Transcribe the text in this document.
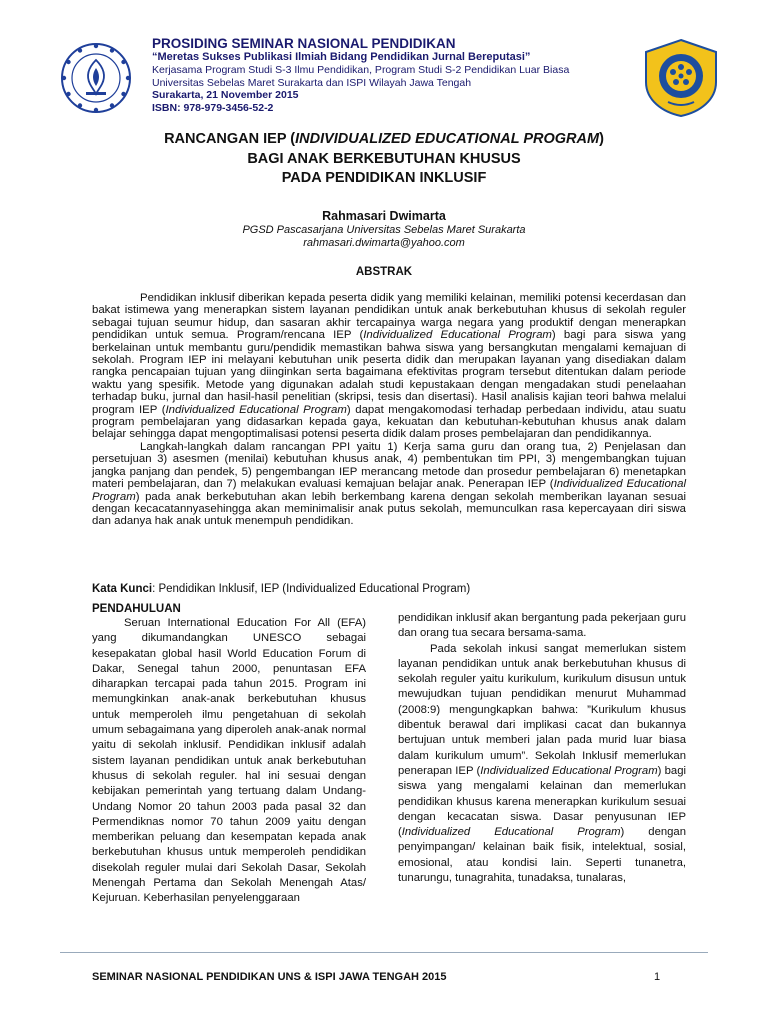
PROSIDING SEMINAR NASIONAL PENDIDIKAN
“Meretas Sukses Publikasi Ilmiah Bidang Pendidikan Jurnal Bereputasi”
Kerjasama Program Studi S-3 Ilmu Pendidikan, Program Studi S-2 Pendidikan Luar Biasa
Universitas Sebelas Maret Surakarta dan ISPI Wilayah Jawa Tengah
Surakarta, 21 November 2015
ISBN: 978-979-3456-52-2
RANCANGAN IEP (INDIVIDUALIZED EDUCATIONAL PROGRAM)
BAGI ANAK BERKEBUTUHAN KHUSUS
PADA PENDIDIKAN INKLUSIF
Rahmasari Dwimarta
PGSD Pascasarjana Universitas Sebelas Maret Surakarta
rahmasari.dwimarta@yahoo.com
ABSTRAK

Pendidikan inklusif diberikan kepada peserta didik yang memiliki kelainan, memiliki potensi kecerdasan dan bakat istimewa yang menerapkan sistem layanan pendidikan untuk anak berkebutuhan khusus di sekolah reguler sebagai tujuan seumur hidup, dan sasaran akhir tercapainya warga negara yang produktif dengan menerapkan pendidikan untuk semua. Program/rencana IEP (Individualized Educational Program) bagi para siswa yang berkelainan untuk membantu guru/pendidik memastikan bahwa siswa yang bersangkutan mengalami kemajuan di sekolah. Program IEP ini melayani kebutuhan unik peserta didik dan merupakan layanan yang disediakan dalam rangka pencapaian tujuan yang diinginkan serta bagaimana efektivitas program tersebut ditentukan dalam periode waktu yang spesifik. Metode yang digunakan adalah studi kepustakaan dengan mengadakan studi penelaahan terhadap buku, jurnal dan hasil-hasil penelitian (skripsi, tesis dan disertasi). Hasil analisis kajian teori bahwa melalui program IEP (Individualized Educational Program) dapat mengakomodasi terhadap perbedaan individu, atau suatu program pembelajaran yang didasarkan kepada gaya, kekuatan dan kebutuhan-kebutuhan khusus anak dalam belajar sehingga dapat mengoptimalisasi potensi peserta didik dalam proses pembelajaran dan pendidikannya.

Langkah-langkah dalam rancangan PPI yaitu 1) Kerja sama guru dan orang tua, 2) Penjelasan dan persetujuan 3) asesmen (menilai) kebutuhan khusus anak, 4) pembentukan tim PPI, 3) mengembangkan tujuan jangka panjang dan pendek, 5) pengembangan IEP merancang metode dan prosedur pembelajaran 6) menetapkan materi pembelajaran, dan 7) melakukan evaluasi kemajuan belajar anak. Penerapan IEP (Individualized Educational Program) pada anak berkebutuhan akan lebih berkembang karena dengan sekolah memberikan layanan sesuai dengan kecacatannyasehingga akan meminimalisir anak putus sekolah, memunculkan rasa kepercayaan diri siswa dan adanya hak anak untuk menempuh pendidikan.

Kata Kunci: Pendidikan Inklusif, IEP (Individualized Educational Program)
PENDAHULUAN

Seruan International Education For All (EFA) yang dikumandangkan UNESCO sebagai kesepakatan global hasil World Education Forum di Dakar, Senegal tahun 2000, penuntasan EFA diharapkan tercapai pada tahun 2015. Program ini memungkinkan anak-anak berkebutuhan khusus untuk memperoleh ilmu pengetahuan di sekolah umum sebagaimana yang diperoleh anak-anak normal yaitu di sekolah inklusif. Pendidikan inklusif adalah sistem layanan pendidikan untuk anak berkebutuhan khusus di sekolah reguler. hal ini sesuai dengan kebijakan pemerintah yang tertuang dalam Undang-Undang Nomor 20 tahun 2003 pada pasal 32 dan Permendiknas nomor 70 tahun 2009 yaitu dengan memberikan peluang dan kesempatan kepada anak berkebutuhan khusus untuk memperoleh pendidikan disekolah reguler mulai dari Sekolah Dasar, Sekolah Menengah Pertama dan Sekolah Menengah Atas/ Kejuruan. Keberhasilan penyelenggaraan

pendidikan inklusif akan bergantung pada pekerjaan guru dan orang tua secara bersama-sama.

Pada sekolah inkusi sangat memerlukan sistem layanan pendidikan untuk anak berkebutuhan khusus di sekolah reguler yaitu kurikulum, kurikulum disusun untuk mewujudkan tujuan pendidikan menurut Muhammad (2008:9) mengungkapkan bahwa: ”Kurikulum khusus dibentuk berawal dari implikasi cacat dan bukannya bertujuan untuk memberi jalan pada murid luar biasa dalam kurikulum umum”. Sekolah Inklusif memerlukan penerapan IEP (Individualized Educational Program) bagi siswa yang mengalami kelainan dan memerlukan pendidikan khusus karena menerapkan kurikulum sesuai dengan kecacatan siswa. Dasar penyusunan IEP (Individualized Educational Program) dengan penyimpangan/ kelainan baik fisik, intelektual, sosial, emosional, atau kondisi lain. Seperti tunanetra, tunarungu, tunagrahita, tunadaksa, tunalaras,

SEMINAR NASIONAL PENDIDIKAN UNS & ISPI JAWA TENGAH 2015	1
